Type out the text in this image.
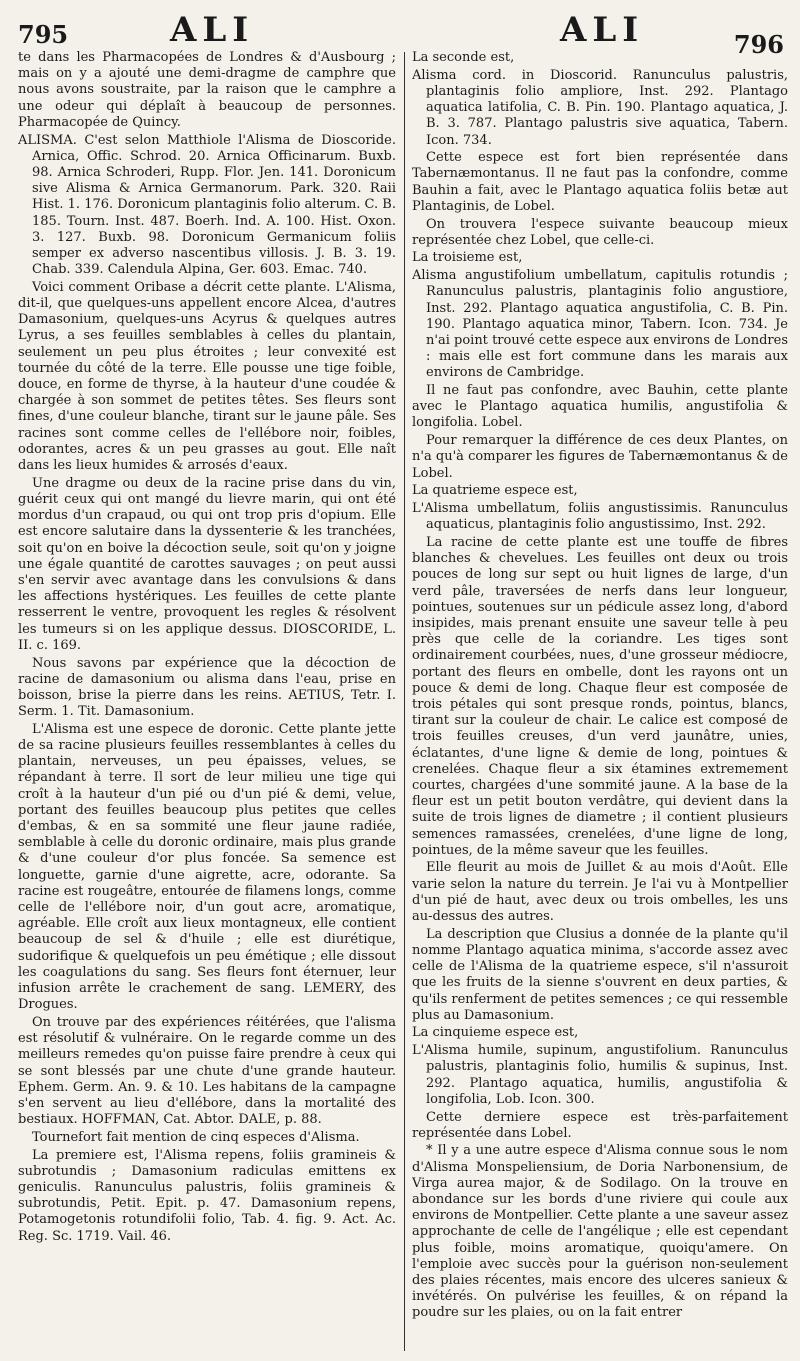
795	ALI	ALI	796

te dans les Pharmacopées de Londres & d'Ausbourg ; mais on y a ajouté une demi-dragme de camphre que nous avons soustraite, par la raison que le camphre a une odeur qui déplaît à beaucoup de personnes. Pharmacopée de Quincy.

ALISMA. C'est selon Matthiole l'Alisma de Dioscoride. Arnica, Offic. Schrod. 20. Arnica Officinarum. Buxb. 98. Arnica Schroderi, Rupp. Flor. Jen. 141. Doronicum sive Alisma & Arnica Germanorum. Park. 320. Raii Hist. 1. 176. Doronicum plantaginis folio alterum. C. B. 185. Tourn. Inst. 487. Boerh. Ind. A. 100. Hist. Oxon. 3. 127. Buxb. 98. Doronicum Germanicum foliis semper ex adverso nascentibus villosis. J. B. 3. 19. Chab. 339. Calendula Alpina, Ger. 603. Emac. 740.

Voici comment Oribase a décrit cette plante. L'Alisma, dit-il, que quelques-uns appellent encore Alcea, d'autres Damasonium, quelques-uns Acyrus & quelques autres Lyrus, a ses feuilles semblables à celles du plantain, seulement un peu plus étroites ; leur convexité est tournée du côté de la terre. Elle pousse une tige foible, douce, en forme de thyrse, à la hauteur d'une coudée & chargée à son sommet de petites têtes. Ses fleurs sont fines, d'une couleur blanche, tirant sur le jaune pâle. Ses racines sont comme celles de l'ellébore noir, foibles, odorantes, acres & un peu grasses au gout. Elle naît dans les lieux humides & arrosés d'eaux.

Une dragme ou deux de la racine prise dans du vin, guérit ceux qui ont mangé du lievre marin, qui ont été mordus d'un crapaud, ou qui ont trop pris d'opium. Elle est encore salutaire dans la dyssenterie & les tranchées, soit qu'on en boive la décoction seule, soit qu'on y joigne une égale quantité de carottes sauvages ; on peut aussi s'en servir avec avantage dans les convulsions & dans les affections hystériques. Les feuilles de cette plante resserrent le ventre, provoquent les regles & résolvent les tumeurs si on les applique dessus. DIOSCORIDE, L. II. c. 169.

Nous savons par expérience que la décoction de racine de damasonium ou alisma dans l'eau, prise en boisson, brise la pierre dans les reins. AETIUS, Tetr. I. Serm. 1. Tit. Damasonium.

L'Alisma est une espece de doronic. Cette plante jette de sa racine plusieurs feuilles ressemblantes à celles du plantain, nerveuses, un peu épaisses, velues, se répandant à terre. Il sort de leur milieu une tige qui croît à la hauteur d'un pié ou d'un pié & demi, velue, portant des feuilles beaucoup plus petites que celles d'embas, & en sa sommité une fleur jaune radiée, semblable à celle du doronic ordinaire, mais plus grande & d'une couleur d'or plus foncée. Sa semence est longuette, garnie d'une aigrette, acre, odorante. Sa racine est rougeâtre, entourée de filamens longs, comme celle de l'ellébore noir, d'un gout acre, aromatique, agréable. Elle croît aux lieux montagneux, elle contient beaucoup de sel & d'huile ; elle est diurétique, sudorifique & quelquefois un peu émétique ; elle dissout les coagulations du sang. Ses fleurs font éternuer, leur infusion arrête le crachement de sang. LEMERY, des Drogues.

On trouve par des expériences réitérées, que l'alisma est résolutif & vulnéraire. On le regarde comme un des meilleurs remedes qu'on puisse faire prendre à ceux qui se sont blessés par une chute d'une grande hauteur. Ephem. Germ. An. 9. & 10. Les habitans de la campagne s'en servent au lieu d'ellébore, dans la mortalité des bestiaux. HOFFMAN, Cat. Abtor. DALE, p. 88.

Tournefort fait mention de cinq especes d'Alisma.

La premiere est, l'Alisma repens, foliis gramineis & subrotundis ; Damasonium radiculas emittens ex geniculis. Ranunculus palustris, foliis gramineis & subrotundis, Petit. Epit. p. 47. Damasonium repens, Potamogetonis rotundifolii folio, Tab. 4. fig. 9. Act. Ac. Reg. Sc. 1719. Vail. 46.

La seconde est,

Alisma cord. in Dioscorid. Ranunculus palustris, plantaginis folio ampliore, Inst. 292. Plantago aquatica latifolia, C. B. Pin. 190. Plantago aquatica, J. B. 3. 787. Plantago palustris sive aquatica, Tabern. Icon. 734.

Cette espece est fort bien représentée dans Tabernæmontanus. Il ne faut pas la confondre, comme Bauhin a fait, avec le Plantago aquatica foliis betæ aut Plantaginis, de Lobel.

On trouvera l'espece suivante beaucoup mieux représentée chez Lobel, que celle-ci.

La troisieme est,

Alisma angustifolium umbellatum, capitulis rotundis ; Ranunculus palustris, plantaginis folio angustiore, Inst. 292. Plantago aquatica angustifolia, C. B. Pin. 190. Plantago aquatica minor, Tabern. Icon. 734. Je n'ai point trouvé cette espece aux environs de Londres : mais elle est fort commune dans les marais aux environs de Cambridge.

Il ne faut pas confondre, avec Bauhin, cette plante avec le Plantago aquatica humilis, angustifolia & longifolia. Lobel.

Pour remarquer la différence de ces deux Plantes, on n'a qu'à comparer les figures de Tabernæmontanus & de Lobel.

La quatrieme espece est,

L'Alisma umbellatum, foliis angustissimis. Ranunculus aquaticus, plantaginis folio angustissimo, Inst. 292.

La racine de cette plante est une touffe de fibres blanches & chevelues. Les feuilles ont deux ou trois pouces de long sur sept ou huit lignes de large, d'un verd pâle, traversées de nerfs dans leur longueur, pointues, soutenues sur un pédicule assez long, d'abord insipides, mais prenant ensuite une saveur telle à peu près que celle de la coriandre. Les tiges sont ordinairement courbées, nues, d'une grosseur médiocre, portant des fleurs en ombelle, dont les rayons ont un pouce & demi de long. Chaque fleur est composée de trois pétales qui sont presque ronds, pointus, blancs, tirant sur la couleur de chair. Le calice est composé de trois feuilles creuses, d'un verd jaunâtre, unies, éclatantes, d'une ligne & demie de long, pointues & crenelées. Chaque fleur a six étamines extremement courtes, chargées d'une sommité jaune. A la base de la fleur est un petit bouton verdâtre, qui devient dans la suite de trois lignes de diametre ; il contient plusieurs semences ramassées, crenelées, d'une ligne de long, pointues, de la même saveur que les feuilles.

Elle fleurit au mois de Juillet & au mois d'Août. Elle varie selon la nature du terrein. Je l'ai vu à Montpellier d'un pié de haut, avec deux ou trois ombelles, les uns au-dessus des autres.

La description que Clusius a donnée de la plante qu'il nomme Plantago aquatica minima, s'accorde assez avec celle de l'Alisma de la quatrieme espece, s'il n'assuroit que les fruits de la sienne s'ouvrent en deux parties, & qu'ils renferment de petites semences ; ce qui ressemble plus au Damasonium.

La cinquieme espece est,

L'Alisma humile, supinum, angustifolium. Ranunculus palustris, plantaginis folio, humilis & supinus, Inst. 292. Plantago aquatica, humilis, angustifolia & longifolia, Lob. Icon. 300.

Cette derniere espece est très-parfaitement représentée dans Lobel.

* Il y a une autre espece d'Alisma connue sous le nom d'Alisma Monspeliensium, de Doria Narbonensium, de Virga aurea major, & de Sodilago. On la trouve en abondance sur les bords d'une riviere qui coule aux environs de Montpellier. Cette plante a une saveur assez approchante de celle de l'angélique ; elle est cependant plus foible, moins aromatique, quoiqu'amere. On l'emploie avec succès pour la guérison non-seulement des plaies récentes, mais encore des ulceres sanieux & invétérés. On pulvérise les feuilles, & on répand la poudre sur les plaies, ou on la fait entrer
